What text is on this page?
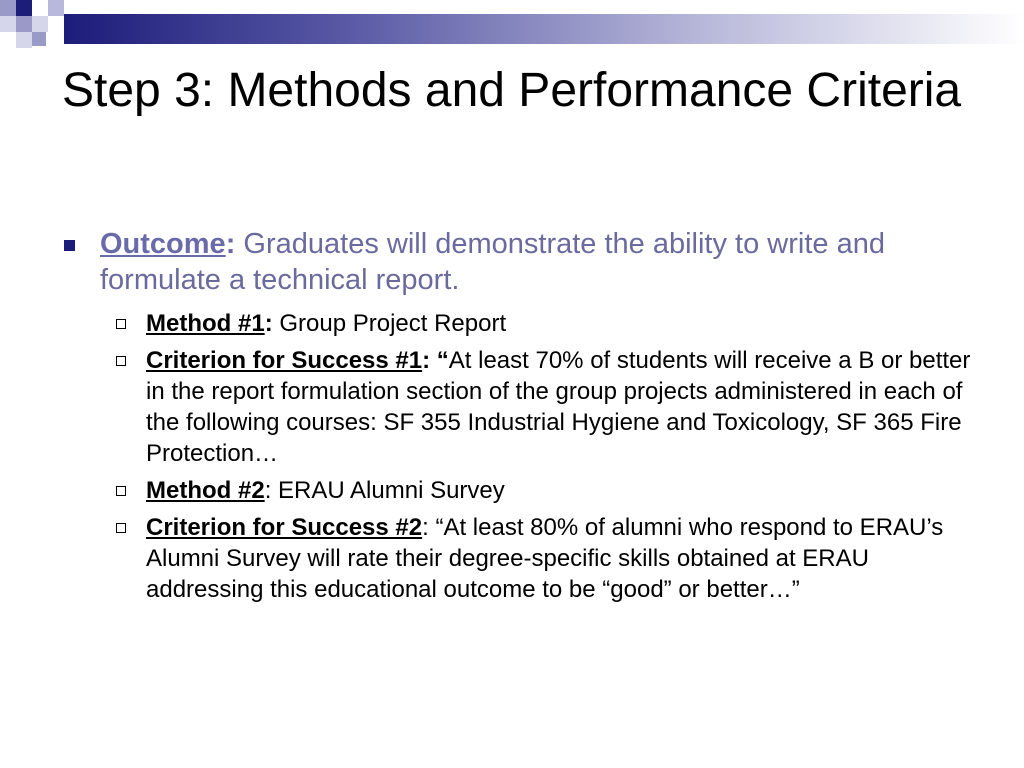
Step 3: Methods and Performance Criteria
Outcome: Graduates will demonstrate the ability to write and formulate a technical report.
Method #1: Group Project Report
Criterion for Success #1: “At least 70% of students will receive a B or better in the report formulation section of the group projects administered in each of the following courses: SF 355 Industrial Hygiene and Toxicology, SF 365 Fire Protection…
Method #2: ERAU Alumni Survey
Criterion for Success #2: “At least 80% of alumni who respond to ERAU’s Alumni Survey will rate their degree-specific skills obtained at ERAU addressing this educational outcome to be “good” or better…”
